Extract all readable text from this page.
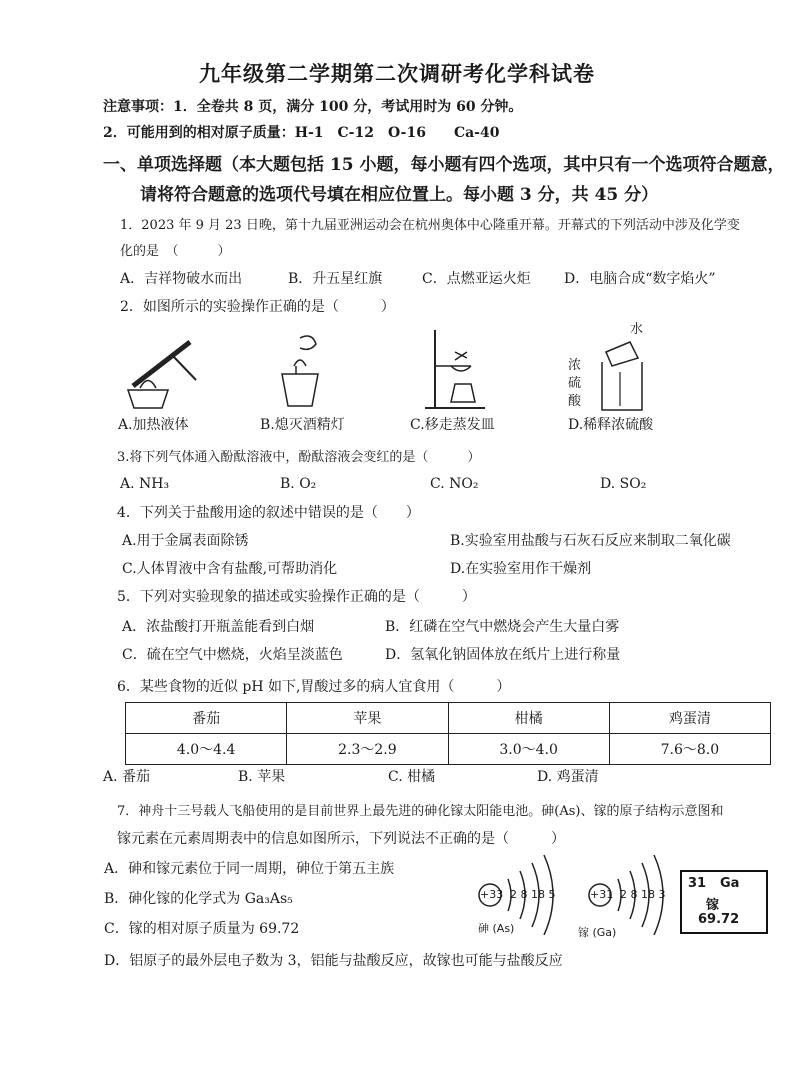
九年级第二学期第二次调研考化学科试卷
注意事项：1．全卷共 8 页，满分 100 分，考试用时为 60 分钟。
2．可能用到的相对原子质量：H-1　C-12　O-16　　Ca-40
一、单项选择题（本大题包括 15 小题，每小题有四个选项，其中只有一个选项符合题意，
请将符合题意的选项代号填在相应位置上。每小题 3 分，共 45 分）
1．2023 年 9 月 23 日晚，第十九届亚洲运动会在杭州奥体中心隆重开幕。开幕式的下列活动中涉及化学变
化的是　（　　　）
A．吉祥物破水而出	B．升五星红旗	C．点燃亚运火炬 D．电脑合成“数字焰火”
2．如图所示的实验操作正确的是（　　　）
A.加热液体	B.熄灭酒精灯	C.移走蒸发皿
水
浓
硫
酸
D.稀释浓硫酸
3.将下列气体通入酚酞溶液中，酚酞溶液会变红的是（　　　）
A. NH₃	B. O₂	C. NO₂	D. SO₂
4．下列关于盐酸用途的叙述中错误的是（　　）
A.用于金属表面除锈	B.实验室用盐酸与石灰石反应来制取二氧化碳
C.人体胃液中含有盐酸,可帮助消化	D.在实验室用作干燥剂
5．下列对实验现象的描述或实验操作正确的是（　　　）
A．浓盐酸打开瓶盖能看到白烟	B．红磷在空气中燃烧会产生大量白雾
C．硫在空气中燃烧，火焰呈淡蓝色	D．氢氧化钠固体放在纸片上进行称量
6．某些食物的近似 pH 如下,胃酸过多的病人宜食用（　　　）
番茄	苹果	柑橘	鸡蛋清
4.0～4.4	2.3～2.9	3.0～4.0	7.6～8.0
A. 番茄	B. 苹果	C. 柑橘	D. 鸡蛋清
7．神舟十三号载人飞船使用的是目前世界上最先进的砷化镓太阳能电池。砷(As)、镓的原子结构示意图和
镓元素在元素周期表中的信息如图所示，下列说法不正确的是（　　　）
A．砷和镓元素位于同一周期，砷位于第五主族
B．砷化镓的化学式为 Ga₃As₅
C．镓的相对原子质量为 69.72
D．铝原子的最外层电子数为 3，铝能与盐酸反应，故镓也可能与盐酸反应
+33 2 8 18 5
砷 (As)
+31 2 8 18 3
镓 (Ga)
31 Ga
镓
69.72
